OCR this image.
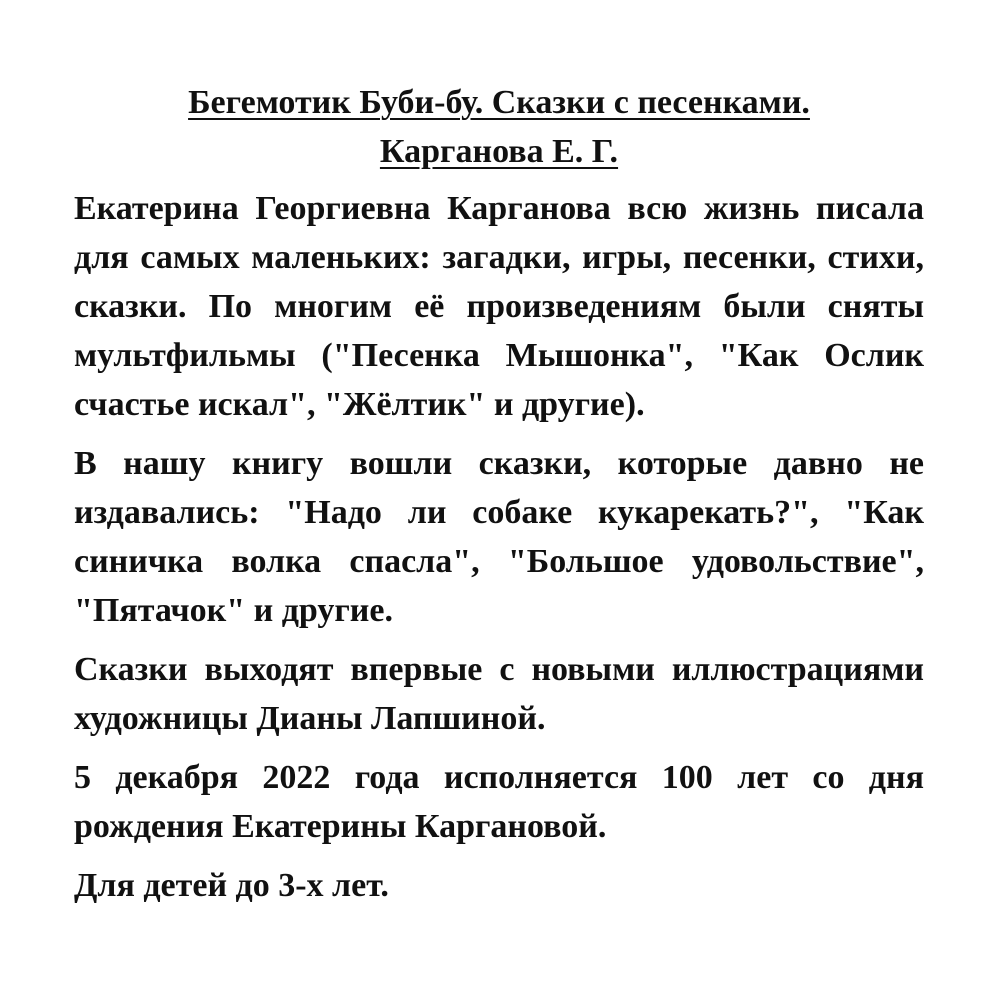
Бегемотик Буби-бу. Сказки с песенками.
Карганова Е. Г.

Екатерина Георгиевна Карганова всю жизнь писала для самых маленьких: загадки, игры, песенки, стихи, сказки. По многим её произведениям были сняты мультфильмы ("Песенка Мышонка", "Как Ослик счастье искал", "Жёлтик" и другие).

В нашу книгу вошли сказки, которые давно не издавались: "Надо ли собаке кукарекать?", "Как синичка волка спасла", "Большое удовольствие", "Пятачок" и другие.

Сказки выходят впервые с новыми иллюстрациями художницы Дианы Лапшиной.

5 декабря 2022 года исполняется 100 лет со дня рождения Екатерины Каргановой.

Для детей до 3-х лет.
